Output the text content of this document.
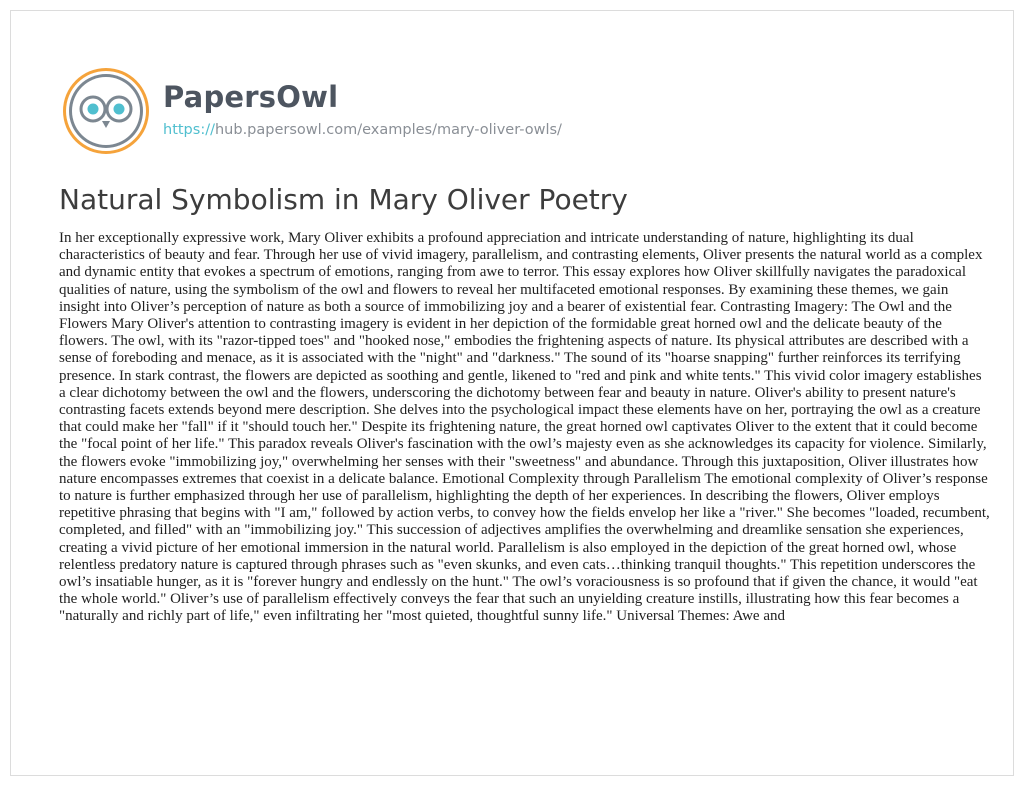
PapersOwl
https://hub.papersowl.com/examples/mary-oliver-owls/
Natural Symbolism in Mary Oliver Poetry

In her exceptionally expressive work, Mary Oliver exhibits a profound appreciation and intricate understanding of nature, highlighting its dual characteristics of beauty and fear. Through her use of vivid imagery, parallelism, and contrasting elements, Oliver presents the natural world as a complex and dynamic entity that evokes a spectrum of emotions, ranging from awe to terror. This essay explores how Oliver skillfully navigates the paradoxical qualities of nature, using the symbolism of the owl and flowers to reveal her multifaceted emotional responses. By examining these themes, we gain insight into Oliver’s perception of nature as both a source of immobilizing joy and a bearer of existential fear. Contrasting Imagery: The Owl and the Flowers Mary Oliver's attention to contrasting imagery is evident in her depiction of the formidable great horned owl and the delicate beauty of the flowers. The owl, with its "razor-tipped toes" and "hooked nose," embodies the frightening aspects of nature. Its physical attributes are described with a sense of foreboding and menace, as it is associated with the "night" and "darkness." The sound of its "hoarse snapping" further reinforces its terrifying presence. In stark contrast, the flowers are depicted as soothing and gentle, likened to "red and pink and white tents." This vivid color imagery establishes a clear dichotomy between the owl and the flowers, underscoring the dichotomy between fear and beauty in nature. Oliver's ability to present nature's contrasting facets extends beyond mere description. She delves into the psychological impact these elements have on her, portraying the owl as a creature that could make her "fall" if it "should touch her." Despite its frightening nature, the great horned owl captivates Oliver to the extent that it could become the "focal point of her life." This paradox reveals Oliver's fascination with the owl’s majesty even as she acknowledges its capacity for violence. Similarly, the flowers evoke "immobilizing joy," overwhelming her senses with their "sweetness" and abundance. Through this juxtaposition, Oliver illustrates how nature encompasses extremes that coexist in a delicate balance. Emotional Complexity through Parallelism The emotional complexity of Oliver’s response to nature is further emphasized through her use of parallelism, highlighting the depth of her experiences. In describing the flowers, Oliver employs repetitive phrasing that begins with "I am," followed by action verbs, to convey how the fields envelop her like a "river." She becomes "loaded, recumbent, completed, and filled" with an "immobilizing joy." This succession of adjectives amplifies the overwhelming and dreamlike sensation she experiences, creating a vivid picture of her emotional immersion in the natural world. Parallelism is also employed in the depiction of the great horned owl, whose relentless predatory nature is captured through phrases such as "even skunks, and even cats…thinking tranquil thoughts." This repetition underscores the owl’s insatiable hunger, as it is "forever hungry and endlessly on the hunt." The owl’s voraciousness is so profound that if given the chance, it would "eat the whole world." Oliver’s use of parallelism effectively conveys the fear that such an unyielding creature instills, illustrating how this fear becomes a "naturally and richly part of life," even infiltrating her "most quieted, thoughtful sunny life." Universal Themes: Awe and
